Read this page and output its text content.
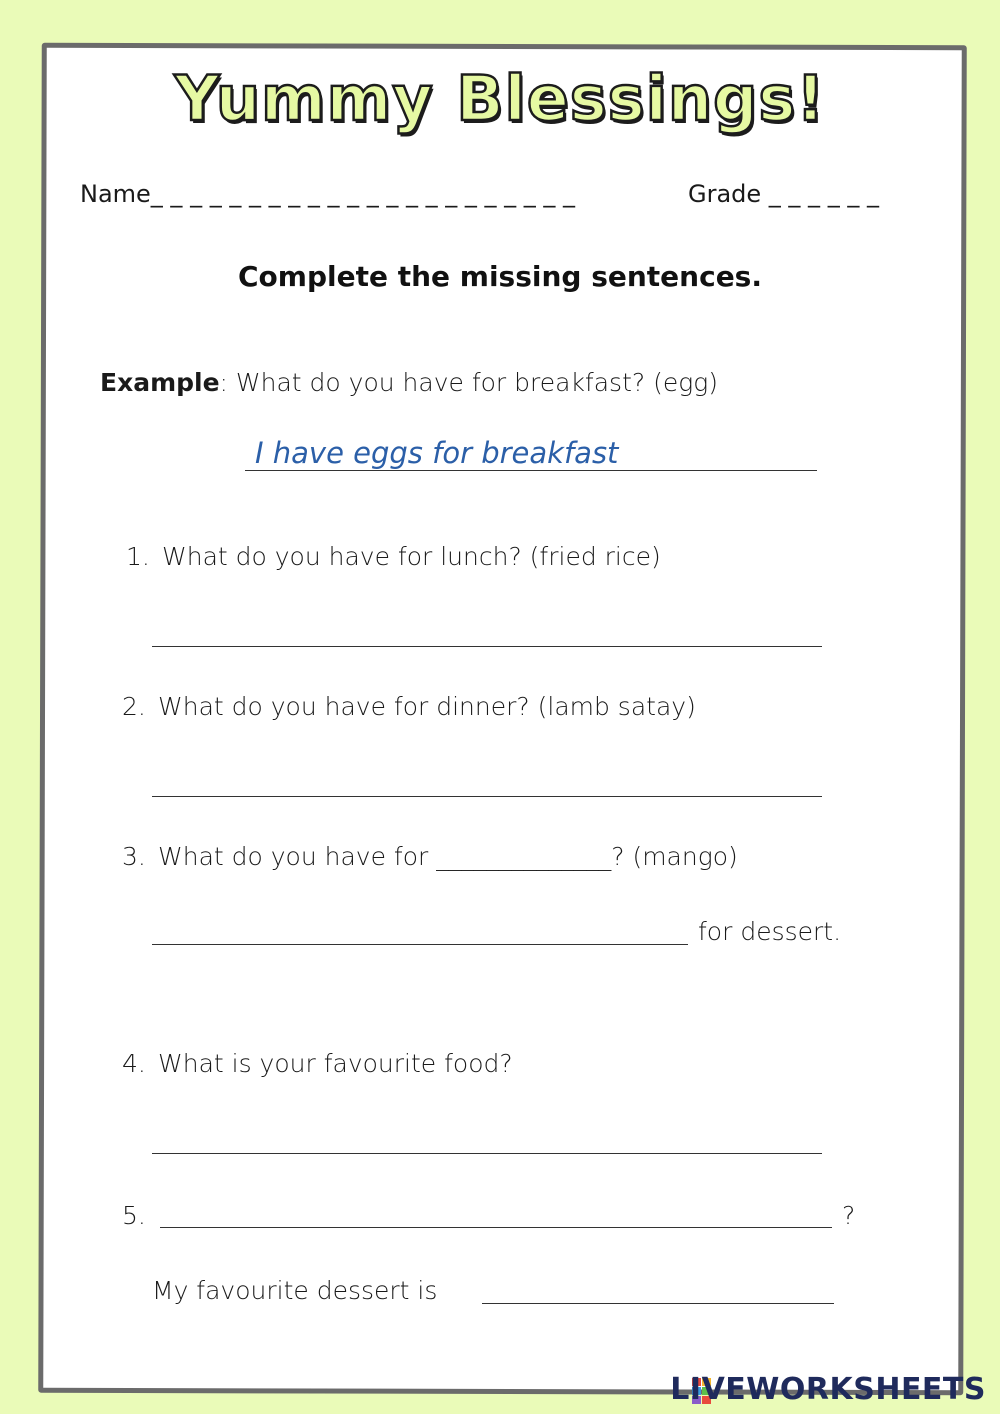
Yummy Blessings!
Name_ _ _ _ _ _ _ _ _ _ _ _ _ _ _ _ _ _ _ _ _ _	Grade _ _ _ _ _ _
Complete the missing sentences.
Example: What do you have for breakfast? (egg)
I have eggs for breakfast
1. What do you have for lunch? (fried rice)
2. What do you have for dinner? (lamb satay)
3. What do you have for ______________? (mango)
for dessert.
4. What is your favourite food?
5.	?
My favourite dessert is
LIVEWORKSHEETS
